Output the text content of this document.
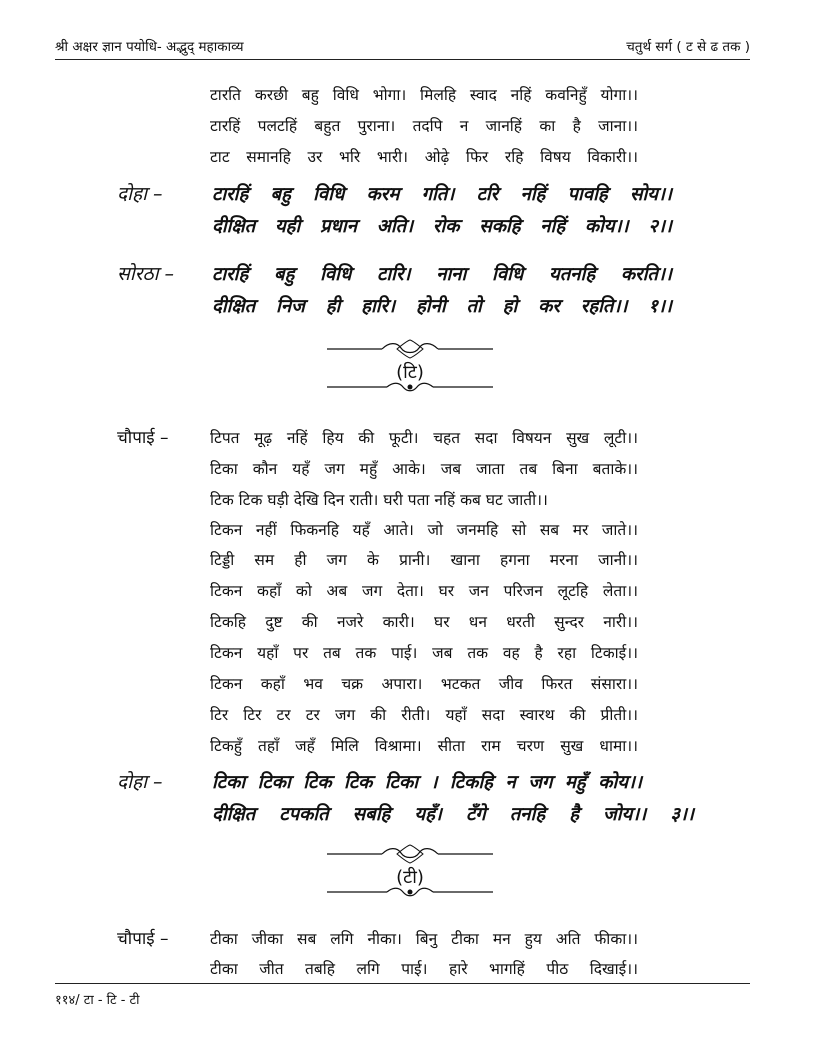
श्री अक्षर ज्ञान पयोधि- अद्भुद् महाकाव्य	चतुर्थ सर्ग ( ट से ढ तक )
टारति करछी बहु विधि भोगा। मिलहि स्वाद नहिं कवनिहुँ योगा।।
टारहिं पलटहिं बहुत पुराना। तदपि न जानहिं का है जाना।।
टाट समानहि उर भरि भारी। ओढ़े फिर रहि विषय विकारी।।
दोहा –	टारहिं बहु विधि करम गति। टरि नहिं पावहि सोय।।
दीक्षित यही प्रधान अति। रोक सकहि नहिं कोय।। २।।
सोरठा – टारहिं बहु विधि टारि। नाना विधि यतनहि करति।।
दीक्षित निज ही हारि। होनी तो हो कर रहति।। १।।
(टि)
चौपाई –	टिपत मूढ़ नहिं हिय की फूटी। चहत सदा विषयन सुख लूटी।।
टिका कौन यहँ जग महुँ आके। जब जाता तब बिना बताके।।
टिक टिक घड़ी देखि दिन राती। घरी पता नहिं कब घट जाती।।
टिकन नहीं फिकनहि यहँ आते। जो जनमहि सो सब मर जाते।।
टिड्डी सम ही जग के प्रानी। खाना हगना मरना जानी।।
टिकन कहाँ को अब जग देता। घर जन परिजन लूटहि लेता।।
टिकहि दुष्ट की नजरे कारी। घर धन धरती सुन्दर नारी।।
टिकन यहाँ पर तब तक पाई। जब तक वह है रहा टिकाई।।
टिकन कहाँ भव चक्र अपारा। भटकत जीव फिरत संसारा।।
टिर टिर टर टर जग की रीती। यहाँ सदा स्वारथ की प्रीती।।
टिकहुँ तहाँ जहँ मिलि विश्रामा। सीता राम चरण सुख धामा।।
दोहा –	टिका टिका टिक टिक टिका । टिकहि न जग महुँ कोय।।
दीक्षित टपकति सबहि यहँ। टँगे तनहि है जोय।। ३।।
(टी)
चौपाई –	टीका जीका सब लगि नीका। बिनु टीका मन हुय अति फीका।।
टीका जीत तबहि लगि पाई। हारे भागहिं पीठ दिखाई।।
११४/ टा - टि - टी
